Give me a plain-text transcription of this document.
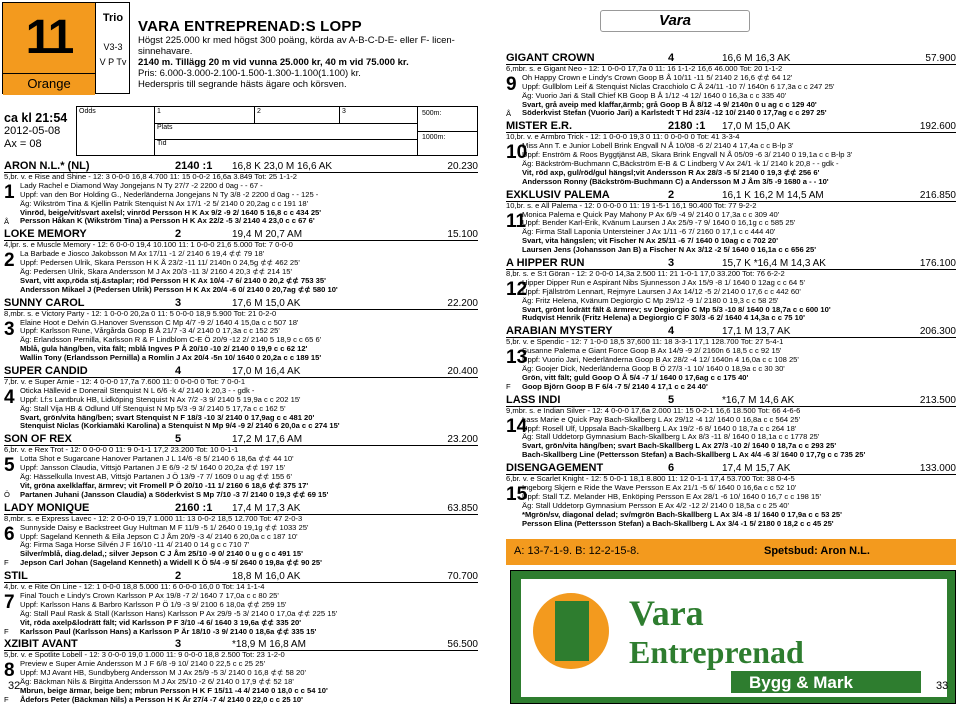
11
Orange
Trio
V3-3
V P Tv
VARA ENTREPRENAD:S LOPP

Högst 225.000 kr med högst 300 poäng, körda av A-B-C-D-E- eller F- licen-

sinnehavare.

2140 m. Tillägg 20 m vid vunna 25.000 kr, 40 m vid 75.000 kr.

Pris: 6.000-3.000-2.100-1.500-1.300-1.100(1.100) kr.

Hederspris till segrande hästs ägare och körsven.

ca kl 21:54
2012-05-08
Ax = 08
Odds
Plats
Tid
1	2	3	500m:
1000m:
ARON N.L.* (NL)	2140 :1 16,8 K 23,0 M 16,6 AK	20.230
1
Å
5,br. v. e Rise and Shine - 12: 3 0-0-0 16,8 4.700 11: 15 0-0-2 16,6a 3.849 Tot: 25 1-1-2
Lady Rachel e Diamond Way Jongejans N Ty 27/7 -2 2200 d 0ag - - 67 -
Uppf: van den Bor Holding G., Nederländerna Jongejans N Ty 3/8 -2 2200 d 0ag - - 125 -
Äg: Wikström Tina & Kjellin Patrik Stenquist N Ax 17/1 -2 5/ 2140 0 20,2ag c c 191 18'
Vinröd, beige/vit/svart axelsl; vinröd Persson H K Ax 9/2 -9 2/ 1640 5 16,8 c c 434 25'
Persson Håkan K (Wikström Tina) a Persson H K Ax 22/2 -5 3/ 2140 4 23,0 c c 67 6'
LOKE MEMORY	2	19,4 M 20,7 AM	15.100
2
4,lpr. s. e Muscle Memory - 12: 6 0-0-0 19,4 10.100 11: 1 0-0-0 21,6 5.000 Tot: 7 0-0-0
La Barbade e Jiosco Jakobsson M Ax 17/11 -1 2/ 2140 6 19,4 ⊄⊄ 79 18'
Uppf: Pedersen Ulrik, Skara Persson H K Å 23/2 -11 11/ 2140n 0 24,5g ⊄⊄ 462 25'
Äg: Pedersen Ulrik, Skara Andersson M J Ax 20/3 -11 3/ 2160 4 20,3 ⊄⊄ 214 15'
Svart, vitt axp,röda stj.&staplar; röd Persson H K Ax 10/4 -7 6/ 2140 0 20,2 ⊄⊄ 753 35'
Andersson Mikael J (Pedersen Ulrik) Persson H K Ax 20/4 -6 0/ 2140 0 20,7ag ⊄⊄ 580 10'
SUNNY CAROL	3	17,6 M 15,0 AK	22.200
3
8,mbr. s. e Victory Party - 12: 1 0-0-0 20,2a 0 11: 5 0-0-0 18,9 5.900 Tot: 21 0-2-0
Elaine Hoot e Delvin G.Hanover Svensson C Mp 4/7 -9 2/ 1640 4 15,0a c c 507 18'
Uppf: Karlsson Rune, Vårgårda Goop B Å 21/7 -3 4/ 2140 0 17,3a c c 152 25'
Äg: Erlandsson Pernilla, Karlsson R & F Lindblom C-E Ö 20/9 -12 2/ 2140 5 18,9 c c 65 6'
Mblå, gula häng/ben, vita fält; mblå Ingves P Å 20/10 -10 2/ 2140 0 19,9 c c 62 12'
Wallin Tony (Erlandsson Pernilla) a Romlin J Ax 20/4 -5n 10/ 1640 0 20,2a c c 189 15'
SUPER CANDID	4	17,0 M 16,4 AK	20.400
4
7,br. v. e Super Arnie - 12: 4 0-0-0 17,7a 7.600 11: 0 0-0-0 0 Tot: 7 0-0-1
Oticka Hällevid e Donerail Stenquist N L 6/6 -k 4/ 2140 k 20,3 - - gdk -
Uppf: Lf:s Lantbruk HB, Lidköping Stenquist N Ax 7/2 -3 9/ 2140 5 19,9a c c 202 15'
Äg: Stall Vija HB & Odlund Ulf Stenquist N Mp 5/3 -9 3/ 2140 5 17,7a c c 162 5'
Svart, grön/vita häng/ben; svart Stenquist N F 18/3 -10 3/ 2140 0 17,9ag c c 481 20'
Stenquist Niclas (Korkiamäki Karolina) a Stenquist N Mp 9/4 -9 2/ 2140 6 20,0a c c 274 15'
SON OF REX	5	17,2 M 17,6 AM	23.200
5
Ö
6,br. v. e Rex Trot - 12: 0 0-0-0 0 11: 9 0-1-1 17,2 23.200 Tot: 10 0-1-1
Lotta Shot e Sugarcane Hanover Partanen J L 14/6 -8 5/ 2140 6 18,6a ⊄⊄ 44 10'
Uppf: Jansson Claudia, Vittsjö Partanen J E 6/9 -2 5/ 1640 0 20,2a ⊄⊄ 197 15'
Äg: Hässelkulla Invest AB, Vittsjö Partanen J Ö 13/9 -7 7/ 1609 0 u ag ⊄⊄ 155 6'
Vit, gröna axelklaffar, ärmrev; vit Fromell P Ö 20/10 -11 1/ 2160 6 18,6 ⊄⊄ 375 17'
Partanen Juhani (Jansson Claudia) a Söderkvist S Mp 7/10 -3 7/ 2140 0 19,3 ⊄⊄ 69 15'
LADY MONIQUE	2160 :1 17,4 M 17,3 AK	63.850
6
F
8,mbr. s. e Express Lavec - 12: 2 0-0-0 19,7 1.000 11: 13 0-0-2 18,5 12.700 Tot: 47 2-0-3
Sunnyside Daisy e Backstreet Guy Hultman M F 11/9 -5 1/ 2640 0 19,1g ⊄⊄ 1033 25'
Uppf: Sageland Kenneth & Eila Jepson C J Åm 20/9 -3 4/ 2140 6 20,0a c c 187 10'
Äg: Firma Saga Horse Silvén J F 16/10 -11 4/ 2140 0 14 g c c 710 7'
Silver/mblå, diag.delad,; silver Jepson C J Åm 25/10 -9 0/ 2140 0 u g c c 491 15'
Jepson Carl Johan (Sageland Kenneth) a Widell K Ö 5/4 -9 5/ 2640 0 19,8a ⊄⊄ 90 25'
STIL	2	18,8 M 16,0 AK	70.700
7
F
4,br. v. e Rite On Line - 12: 1 0-0-0 18,8 5.000 11: 6 0-0-0 16,0 0 Tot: 14 1-1-4
Final Touch e Lindy's Crown Karlsson P Ax 19/8 -7 2/ 1640 7 17,0a c c 80 25'
Uppf: Karlsson Hans & Barbro Karlsson P Ö 1/9 -3 9/ 2100 6 18,0a ⊄⊄ 259 15'
Äg: Stall Paul Rask & Stall (Karlsson Hans) Karlsson P Ax 29/9 -5 3/ 2140 0 17,0a ⊄⊄ 225 15'
Vit, röda axelp&lodrätt fält; vid Karlsson P F 3/10 -4 6/ 1640 3 19,6a ⊄⊄ 335 20'
Karlsson Paul (Karlsson Hans) a Karlsson P Är 18/10 -3 9/ 2140 0 18,6a ⊄⊄ 335 15'
XZIBIT AVANT	3	*18,9 M 16,8 AM	56.500
8
F
5,br. v. e Spotlite Lobell - 12: 3 0-0-0 19,0 1.000 11: 9 0-0-0 18,8 2.500 Tot: 23 1-2-0
Preview e Super Arnie Andersson M J F 6/8 -9 10/ 2140 0 22,5 c c 25 25'
Uppf: MJ Avant HB, Sundbyberg Andersson M J Ax 25/9 -5 3/ 2140 0 16,8 ⊄⊄ 58 20'
Äg: Bäckman Nils & Birgitta Andersson M J Ax 25/10 -2 6/ 2140 0 17,9 ⊄⊄ 52 18'
Mbrun, beige ärmar, beige ben; mbrun Persson H K F 15/11 -4 4/ 2140 0 18,0 c c 54 10'
Ådefors Peter (Bäckman Nils) a Persson H K Är 27/4 -7 4/ 2140 0 22,0 c c 25 10'
GIGANT CROWN	4	16,6 M 16,3 AK	57.900
9
Å
6,mbr. s. e Gigant Neo - 12: 1 0-0-0 17,7a 0 11: 16 1-1-2 16,6 46.000 Tot: 20 1-1-2
Oh Happy Crown e Lindy's Crown Goop B Å 10/11 -11 5/ 2140 2 16,6 ⊄⊄ 64 12'
Uppf: Gullblom Leif & Stenquist Niclas Cracchiolo C Å 24/11 -10 7/ 1640n 6 17,3a c c 247 25'
Äg: Vuorio Jari & Stall Chief KB Goop B Å 1/12 -4 12/ 1640 0 16,3a c c 335 40'
Svart, grå aveip med klaffar,ärmb; grå Goop B Å 8/12 -4 9/ 2140n 0 u ag c c 129 40'
Söderkvist Stefan (Vuorio Jari) a Karlstedt T Hd 23/4 -12 10/ 2140 0 17,7ag c c 297 25'
MISTER E.R.	2180 :1 17,0 M 15,0 AK	192.600
10
10,br. v. e Armbro Trick - 12: 1 0-0-0 19,3 0 11: 0 0-0-0 0 Tot: 41 3-3-4
Miss Ann T. e Junior Lobell Brink Engvall N Å 10/08 -6 2/ 2140 4 17,4a c c B-lp 3'
Uppf: Enström & Roos Byggtjänst AB, Skara Brink Engvall N Å 05/09 -6 3/ 2140 0 19,1a c c B-lp 3'
Äg: Bäckström-Buchmann C,Bäckström E-B & C Lindberg V Ax 24/1 -k 1/ 2140 k 20,8 - - gdk -
Vit, röd axp, gul/röd/gul hängsl;vit Andersson R Ax 28/3 -5 5/ 2140 0 19,3 ⊄⊄ 256 6'
Andersson Ronny (Bäckström-Buchmann C) a Andersson M J Åm 3/5 -9 1680 a - - 10'
EXKLUSIV PALEMA	2	16,1 K 16,2 M 14,5 AM	216.850
11
10,br. s. e All Palema - 12: 0 0-0-0 0 11: 19 1-5-1 16,1 90.400 Tot: 77 9-2-2
Monica Palema e Quick Pay Mahony P Ax 6/9 -4 9/ 2140 0 17,3a c c 309 40'
Uppf: Bender Karl-Erik, Kvänum Laursen J Ax 25/9 -7 9/ 1640 0 16,1g c c 585 25'
Äg: Firma Stall Laponia Untersteiner J Ax 1/11 -6 7/ 2160 0 17,1 c c 444 40'
Svart, vita hängslen; vit Fischer N Ax 25/11 -6 7/ 1640 0 10ag c c 702 20'
Laursen Jens (Johansson Jan B) a Fischer N Ax 3/12 -2 5/ 1640 0 16,1a c c 656 25'
A HIPPER RUN	3	15,7 K *16,4 M 14,3 AK	176.100
12
8,br. s. e S:t Göran - 12: 2 0-0-0 14,3a 2.500 11: 21 1-0-1 17,0 33.200 Tot: 76 6-2-2
Hipper Dipper Run e Aspirant Nibs Sjunnesson J Ax 15/9 -8 1/ 1640 0 12ag c c 64 5'
Uppf: Fjällström Lennart, Rejmyre Laursen J Ax 14/12 -5 2/ 2140 0 17,6 c c 442 60'
Äg: Fritz Helena, Kvänum Degiorgio C Mp 29/12 -9 1/ 2180 0 19,3 c c 58 25'
Svart, grönt lodrätt fält & ärmrev; sv Degiorgio C Mp 5/3 -10 8/ 1640 0 18,7a c c 600 10'
Rudqvist Henrik (Fritz Helena) a Degiorgio C F 30/3 -6 2/ 1640 4 14,3a c c 75 10'
ARABIAN MYSTERY	4	17,1 M 13,7 AK	206.300
13
F
5,br. v. e Spendic - 12: 7 1-0-0 18,5 37,600 11: 18 3-3-1 17,1 128.700 Tot: 27 5-4-1
Susanne Palema e Giant Force Goop B Ax 14/9 -9 2/ 2160n 6 18,5 c c 92 15'
Uppf: Vuorio Jari, Nederländerna Goop B Ax 28/2 -4 12/ 1640n 4 16,0a c c 108 25'
Äg: Goojer Dick, Nederländerna Goop B Ö 27/3 -1 10/ 1640 0 18,9a c c 30 30'
Grön, vitt fält; guld Goop O Å 5/4 -7 1/ 1640 0 17,6ag c c 175 40'
Goop Björn Goop B F 6/4 -7 5/ 2140 4 17,1 c c 24 40'
LASS INDI	5	*16,7 M 14,6 AK	213.500
14
9,mbr. s. e Indian Silver - 12: 4 0-0-0 17,6a 2.000 11: 15 0-2-1 16,6 18.500 Tot: 66 4-6-6
Lass Marie e Quick Pay Bach-Skallberg L Ax 29/12 -4 12/ 1640 0 16,8a c c 564 25'
Uppf: Rosell Ulf, Uppsala Bach-Skallberg L Ax 19/2 -6 8/ 1640 0 18,7a c c 264 18'
Äg: Stall Uddetorp Gymnasium Bach-Skallberg L Ax 8/3 -11 8/ 1640 0 18,1a c c 1778 25'
Svart, grön/vita häng/ben; svart Bach-Skallberg L Ax 27/3 -10 2/ 1640 0 18,7a c c 293 25'
Bach-Skallberg Line (Pettersson Stefan) a Bach-Skallberg L Ax 4/4 -6 3/ 1640 0 17,7g c c 735 25'
DISENGAGEMENT	6	17,4 M 15,7 AK	133.000
15
6,br. v. e Scarlet Knight - 12: 5 0-0-1 18,1 8.800 11: 12 0-1-1 17,4 53.700 Tot: 38 0-4-5
Ingeborg Skjern e Ride the Wave Persson E Ax 21/1 -5 6/ 1640 0 16,6a c c 52 10'
Uppf: Stall T.Z. Melander HB, Enköping Persson E Ax 28/1 -6 10/ 1640 0 16,7 c c 198 15'
Äg: Stall Uddetorp Gymnasium Persson E Ax 4/2 -12 2/ 2140 0 18,5a c c 25 40'
*Mgrön/sv, diagonal delad; sv/mgrön Bach-Skallberg L Ax 3/4 -8 1/ 1640 0 17,9a c c 53 25'
Persson Elina (Pettersson Stefan) a Bach-Skallberg L Ax 3/4 -1 5/ 2180 0 18,2 c c 45 25'
Vara
A: 13-7-1-9. B: 12-2-15-8.	Spetsbud: Aron N.L.
Vara
Entreprenad
Bygg & Mark
32	33
